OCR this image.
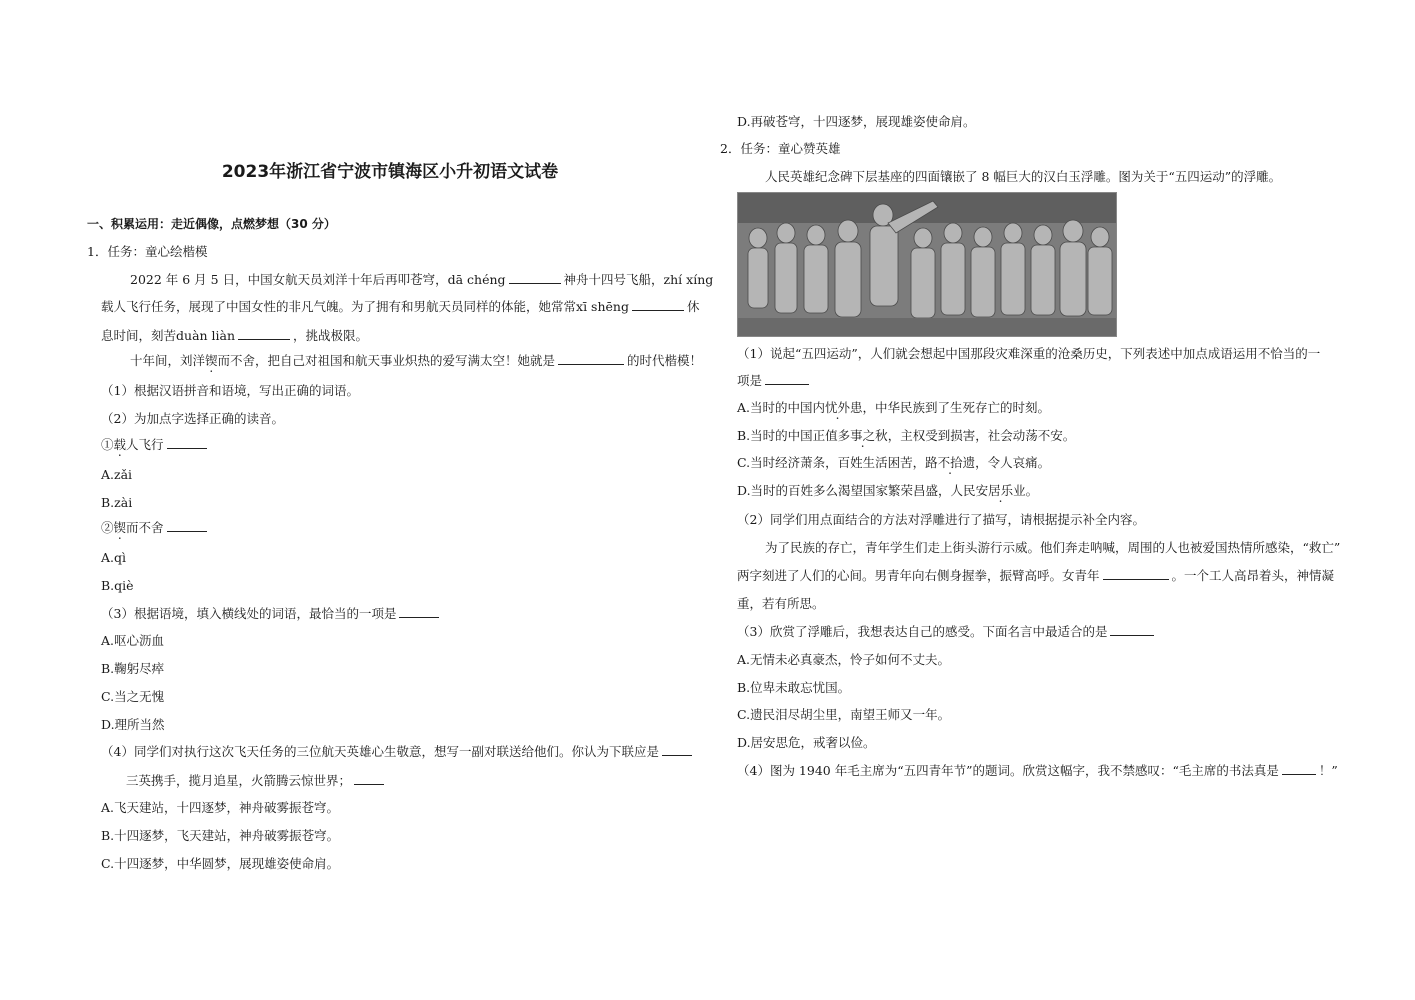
2023年浙江省宁波市镇海区小升初语文试卷
一、积累运用：走近偶像，点燃梦想（30 分）
1．任务：童心绘楷模
2022 年 6 月 5 日，中国女航天员刘洋十年后再叩苍穹，dā chéng	神舟十四号飞船，zhí xíng
载人飞行任务，展现了中国女性的非凡气魄。为了拥有和男航天员同样的体能，她常常xī shēng	休
息时间，刻苦duàn liàn	，挑战极限。
十年间，刘洋锲而不舍，把自己对祖国和航天事业炽热的爱写满太空！她就是	的时代楷模！
（1）根据汉语拼音和语境，写出正确的词语。
（2）为加点字选择正确的读音。
①载人飞行
A.zǎi
B.zài
②锲而不舍
A.qì
B.qiè
（3）根据语境，填入横线处的词语，最恰当的一项是
A.呕心沥血
B.鞠躬尽瘁
C.当之无愧
D.理所当然
（4）同学们对执行这次飞天任务的三位航天英雄心生敬意，想写一副对联送给他们。你认为下联应是
三英携手，揽月追星，火箭腾云惊世界；
A.飞天建站，十四逐梦，神舟破雾振苍穹。
B.十四逐梦，飞天建站，神舟破雾振苍穹。
C.十四逐梦，中华圆梦，展现雄姿使命肩。
D.再破苍穹，十四逐梦，展现雄姿使命肩。
2．任务：童心赞英雄
人民英雄纪念碑下层基座的四面镶嵌了 8 幅巨大的汉白玉浮雕。图为关于“五四运动”的浮雕。
（1）说起“五四运动”，人们就会想起中国那段灾难深重的沧桑历史，下列表述中加点成语运用不恰当的一
项是
A.当时的中国内忧外患，中华民族到了生死存亡的时刻。
B.当时的中国正值多事之秋，主权受到损害，社会动荡不安。
C.当时经济萧条，百姓生活困苦，路不拾遗，令人哀痛。
D.当时的百姓多么渴望国家繁荣昌盛，人民安居乐业。
（2）同学们用点面结合的方法对浮雕进行了描写，请根据提示补全内容。
为了民族的存亡，青年学生们走上街头游行示威。他们奔走呐喊，周围的人也被爱国热情所感染，“救亡”
两字刻进了人们的心间。男青年向右侧身握拳，振臂高呼。女青年	。一个工人高昂着头，神情凝
重，若有所思。
（3）欣赏了浮雕后，我想表达自己的感受。下面名言中最适合的是
A.无情未必真豪杰，怜子如何不丈夫。
B.位卑未敢忘忧国。
C.遗民泪尽胡尘里，南望王师又一年。
D.居安思危，戒奢以俭。
（4）图为 1940 年毛主席为“五四青年节”的题词。欣赏这幅字，我不禁感叹：“毛主席的书法真是	！”
